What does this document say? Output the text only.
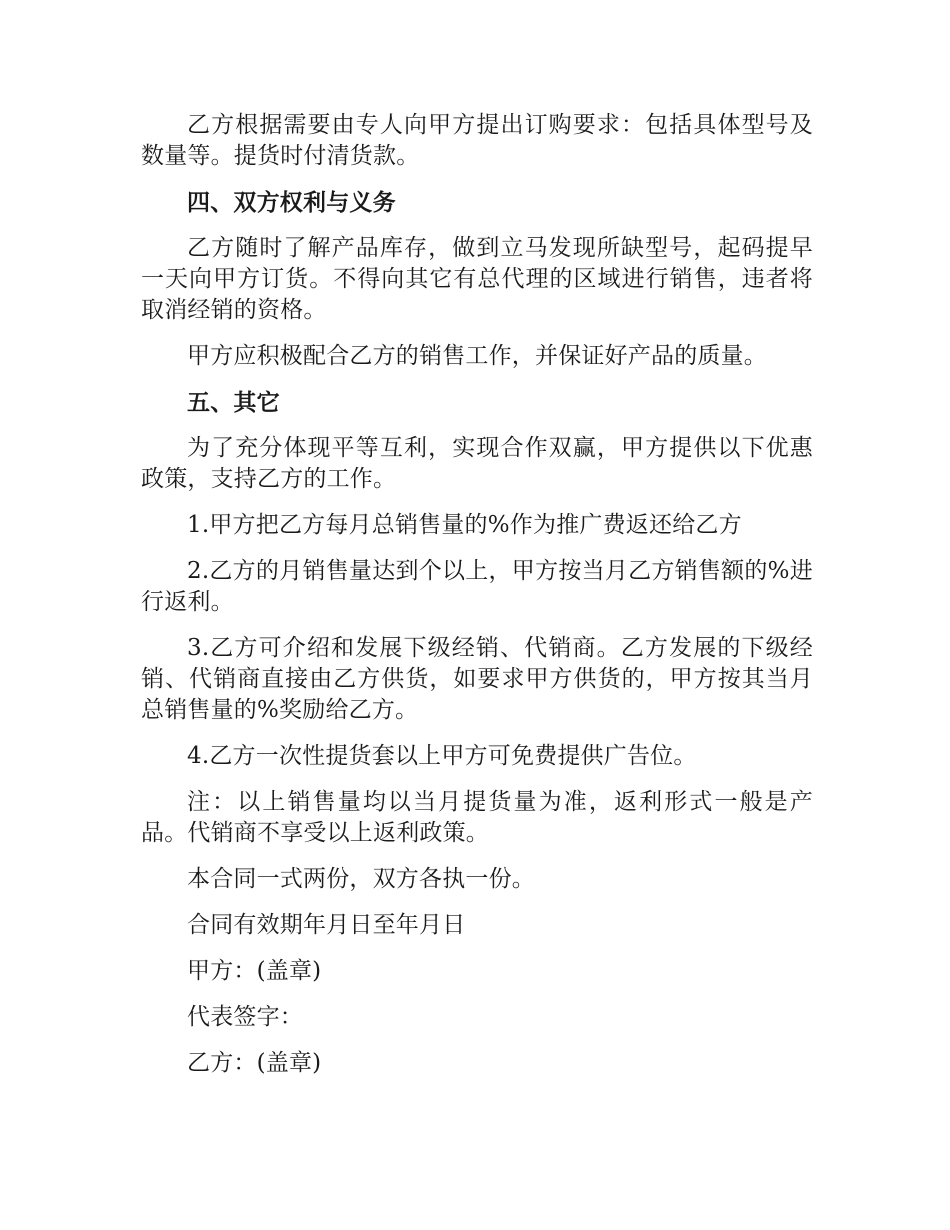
乙方根据需要由专人向甲方提出订购要求：包括具体型号及数量等。提货时付清货款。

四、双方权利与义务

乙方随时了解产品库存，做到立马发现所缺型号，起码提早一天向甲方订货。不得向其它有总代理的区域进行销售，违者将取消经销的资格。

甲方应积极配合乙方的销售工作，并保证好产品的质量。

五、其它

为了充分体现平等互利，实现合作双赢，甲方提供以下优惠政策，支持乙方的工作。

1.甲方把乙方每月总销售量的%作为推广费返还给乙方

2.乙方的月销售量达到个以上，甲方按当月乙方销售额的%进行返利。

3.乙方可介绍和发展下级经销、代销商。乙方发展的下级经销、代销商直接由乙方供货，如要求甲方供货的，甲方按其当月总销售量的%奖励给乙方。

4.乙方一次性提货套以上甲方可免费提供广告位。

注：以上销售量均以当月提货量为准，返利形式一般是产品。代销商不享受以上返利政策。

本合同一式两份，双方各执一份。

合同有效期年月日至年月日

甲方：(盖章)

代表签字：

乙方：(盖章)
